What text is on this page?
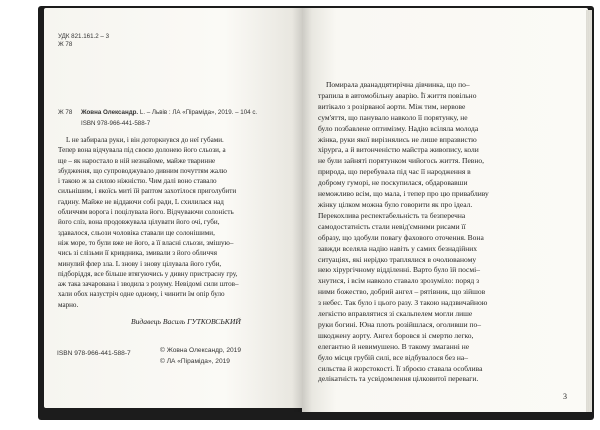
УДК 821.161.2 – 3

Ж 78

Ж 78 Жовна Олександр. L. – Львів : ЛА «Піраміда», 2019. – 104 с.

ISBN 978-966-441-588-7

L не забирала руки, і він доторкнувся до неї губами.
Тепер вона відчувала під своєю долонею його сльози, а
ще – як наростало в ній незнайоме, майже тваринне
збудження, що супроводжувало дивним почуттям жалю
і такою ж за силою ніжністю. Чим далі воно ставало
сильнішим, і якоїсь миті їй раптом захотілося приголубити
гадину. Майже не віддаючи собі ради, L схилилася над
обличчям ворога і поцілувала його. Відчуваючи солоність
його сліз, вона продовжувала цілувати його очі, губи,
здавалося, сльози чоловіка ставали ще солонішими,
ніж море, то були вже не його, а її власні сльози, змішую–
чись зі слізьми її кривдника, змивали з його обличчя
минулий флер зла. L знову і знову цілувала його губи,
підборіддя, все більше втягуючись у дивну пристрасну гру,
аж така зачарована і зводила з розуму. Невідомі сили штов–
хали обох назустріч одне одному, і чинити їм опір було
марно.

Видавець Василь ГУТКОВСЬКИЙ

ISBN 978-966-441-588-7	© Жовна Олександр, 2019

© ЛА «Піраміда», 2019

Помирала дванадцятирічна дівчинка, що по–
трапила в автомобільну аварію. Її життя повільно
витікало з розірваної аорти. Між тим, нервове
сум'яття, що панувало навколо її порятунку, не
було позбавлене оптимізму. Надію всіляла молода
жінка, руки якої вирізнялись не лише впразвистю
хірурга, а й витонченістю майстра живопису, коли
не були зайняті порятунком чийогось життя. Певно,
природа, що перебувала під час її народження в
доброму гуморі, не поскупилася, обдаровавши
неможливо всім, що мала, і тепер про цю привабливу
жінку цілком можна було говорити як про ідеал.
Перекохлива респектабельність та безперечна
самодостатність стали невід'ємними рисами її
образу, що здобули повагу фахового оточення. Вона
завжди вселяла надію навіть у самих безнадійних
ситуаціях, які нерідко траплялися в очолюваному
нею хірургічному відділенні. Варто було їй посмі–
хнутися, і всім навколо ставало зрозуміло: поряд з
ними божество, добрий ангел – рятівник, що зійшов
з небес. Так було і цього разу. З такою надзвичайною
легкістю вправлятися зі скальпелем могли лише
руки богині. Юна плоть розійшлася, оголивши по–
шкоджену аорту. Ангел боровся зі смертю легко,
елегантно й невимушено. В такому змаганні не
було місця грубій силі, все відбувалося без на–
сильства й жорстокості. Її зброєю ставала особлива
делікатність та усвідомлення цілковитої переваги.

3
